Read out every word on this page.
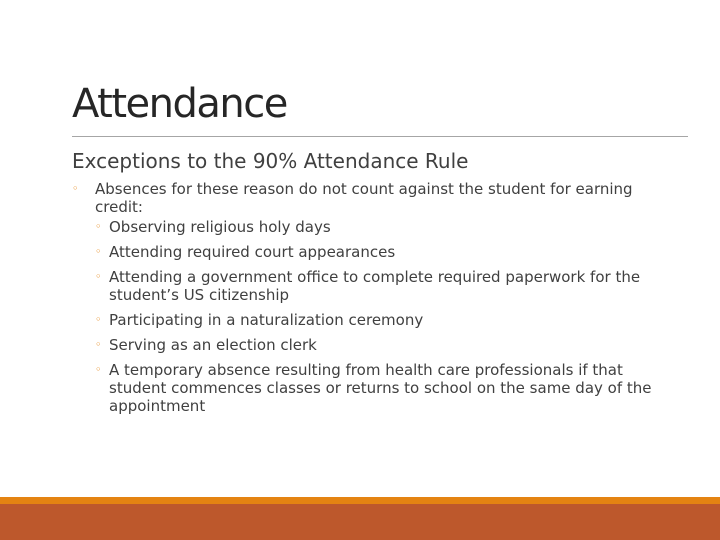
Attendance

Exceptions to the 90% Attendance Rule

◦ Absences for these reason do not count against the student for earning credit:
◦ Observing religious holy days
◦ Attending required court appearances
◦ Attending a government office to complete required paperwork for the student’s US citizenship
◦ Participating in a naturalization ceremony
◦ Serving as an election clerk
◦ A temporary absence resulting from health care professionals if that student commences classes or returns to school on the same day of the appointment
